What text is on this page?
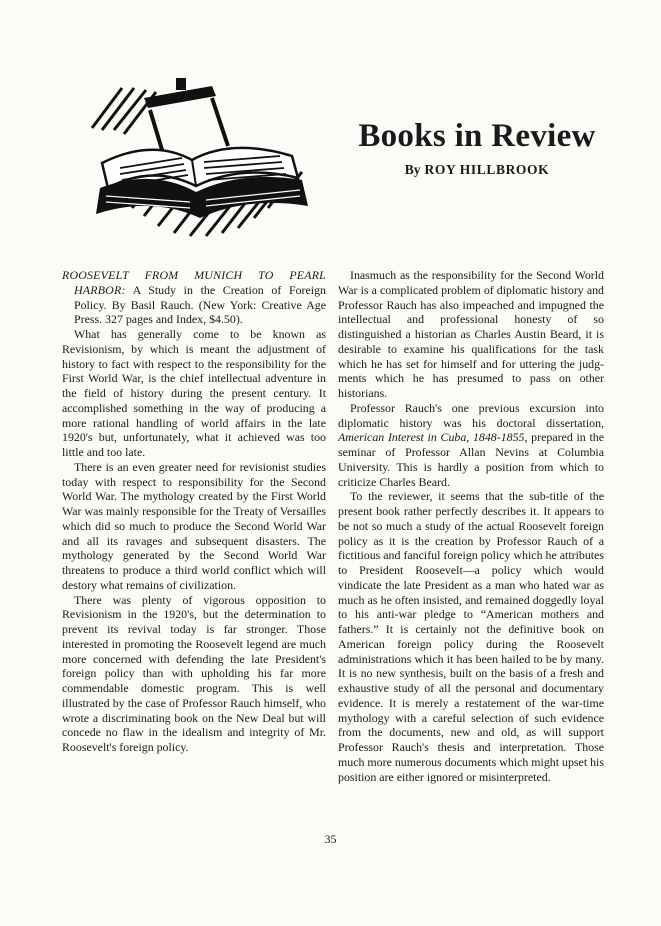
Books in Review
By ROY HILLBROOK

ROOSEVELT FROM MUNICH TO PEARL HARBOR: A Study in the Creation of Foreign Policy. By Basil Rauch. (New York: Creative Age Press. 327 pages and Index, $4.50).

What has generally come to be known as Revisionism, by which is meant the adjustment of history to fact with respect to the responsibility for the First World War, is the chief intellectual adventure in the field of history during the present century. It accomplished something in the way of producing a more rational handling of world affairs in the late 1920's but, unfortunately, what it achieved was too little and too late.

There is an even greater need for revisionist studies today with respect to responsibility for the Second World War. The mythology created by the First World War was mainly responsible for the Treaty of Versailles which did so much to produce the Second World War and all its ravages and subsequent disasters. The mythology generated by the Second World War threatens to produce a third world conflict which will destory what remains of civilization.

There was plenty of vigorous opposition to Revisionism in the 1920's, but the determination to prevent its revival today is far stronger. Those interested in promoting the Roosevelt legend are much more concerned with defending the late President's foreign policy than with upholding his far more commendable domestic program. This is well illustrated by the case of Professor Rauch himself, who wrote a discriminating book on the New Deal but will concede no flaw in the idealism and integrity of Mr. Roosevelt's foreign policy.

Inasmuch as the responsibility for the Second World War is a complicated problem of diplomatic history and Professor Rauch has also impeached and impugned the intellectual and professional honesty of so distinguished a historian as Charles Austin Beard, it is desirable to examine his qualifications for the task which he has set for himself and for uttering the judgments which he has presumed to pass on other historians.

Professor Rauch's one previous excursion into diplomatic history was his doctoral dissertation, American Interest in Cuba, 1848-1855, prepared in the seminar of Professor Allan Nevins at Columbia University. This is hardly a position from which to criticize Charles Beard.

To the reviewer, it seems that the sub-title of the present book rather perfectly describes it. It appears to be not so much a study of the actual Roosevelt foreign policy as it is the creation by Professor Rauch of a fictitious and fanciful foreign policy which he attributes to President Roosevelt—a policy which would vindicate the late President as a man who hated war as much as he often insisted, and remained doggedly loyal to his anti-war pledge to “American mothers and fathers.” It is certainly not the definitive book on American foreign policy during the Roosevelt administrations which it has been hailed to be by many. It is no new synthesis, built on the basis of a fresh and exhaustive study of all the personal and documentary evidence. It is merely a restatement of the war-time mythology with a careful selection of such evidence from the documents, new and old, as will support Professor Rauch's thesis and interpretation. Those much more numerous documents which might upset his position are either ignored or misinterpreted.

35
